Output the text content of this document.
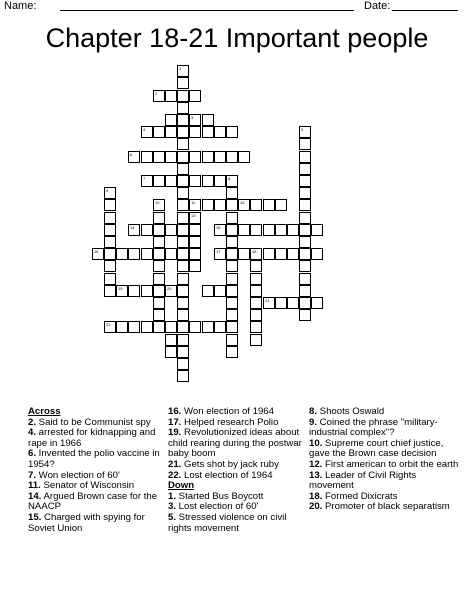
Name:	Date:
Chapter 18-21 Important people
1
2
3
4	5
6
7	8
9
11	12
10
13
15
14
16	17	18
19	20
21
22
Across
2. Said to be Communist spy
4. arrested for kidnapping and rape in 1966
6. Invented the polio vaccine in 1954?
7. Won election of 60'
11. Senator of Wisconsin
14. Argued Brown case for the NAACP
15. Charged with spying for Soviet Union
16. Won election of 1964
17. Helped research Polio
19. Revolutionized ideas about child rearing during the postwar baby boom
21. Gets shot by jack ruby
22. Lost election of 1964
Down
1. Started Bus Boycott
3. Lost election of 60'
5. Stressed violence on civil rights movement
8. Shoots Oswald
9. Coined the phrase "military-industrial complex"?
10. Supreme court chief justice, gave the Brown case decision
12. First american to orbit the earth
13. Leader of Civil Rights movement
18. Formed Dixicrats
20. Promoter of black separatism
